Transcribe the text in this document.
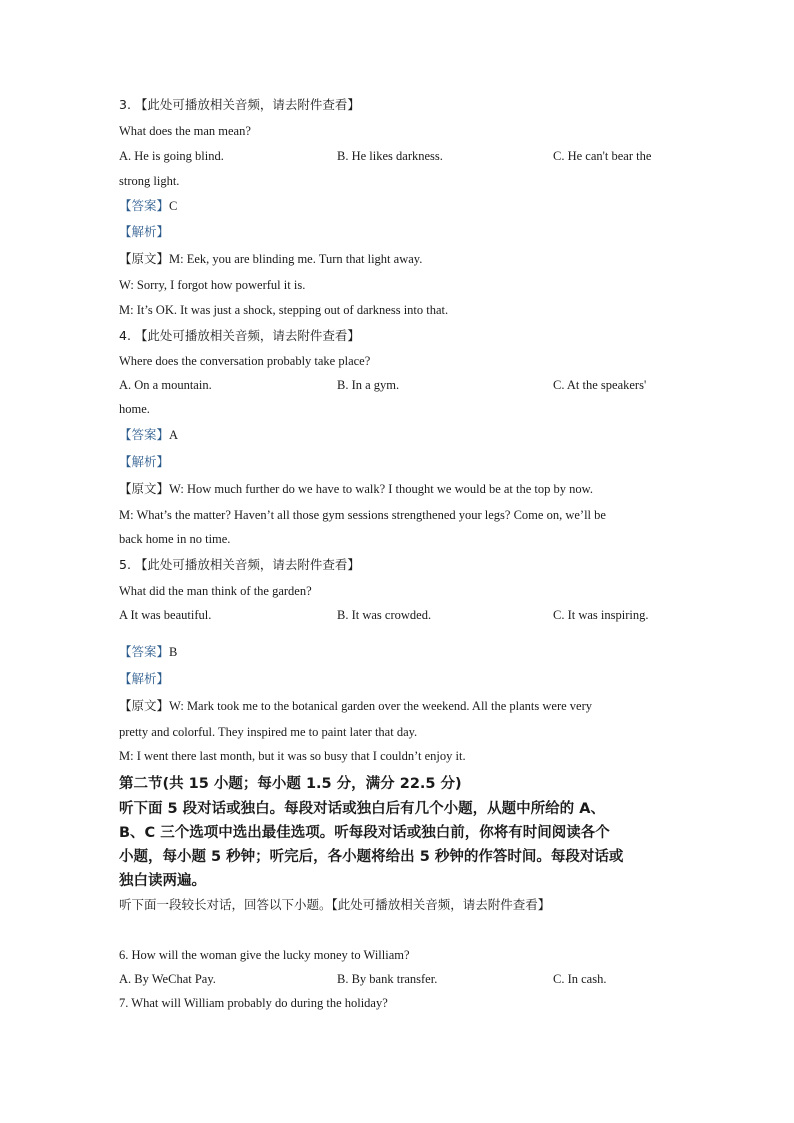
3. 【此处可播放相关音频，请去附件查看】
What does the man mean?
A. He is going blind.	B. He likes darkness.	C. He can't bear the
strong light.
【答案】C
【解析】
【原文】M: Eek, you are blinding me. Turn that light away.
W: Sorry, I forgot how powerful it is.
M: It’s OK. It was just a shock, stepping out of darkness into that.
4. 【此处可播放相关音频，请去附件查看】
Where does the conversation probably take place?
A. On a mountain.	B. In a gym.	C. At the speakers'
home.
【答案】A
【解析】
【原文】W: How much further do we have to walk? I thought we would be at the top by now.
M: What’s the matter? Haven’t all those gym sessions strengthened your legs? Come on, we’ll be
back home in no time.
5. 【此处可播放相关音频，请去附件查看】
What did the man think of the garden?
A It was beautiful.	B. It was crowded.	C. It was inspiring.
【答案】B
【解析】
【原文】W: Mark took me to the botanical garden over the weekend. All the plants were very
pretty and colorful. They inspired me to paint later that day.
M: I went there last month, but it was so busy that I couldn’t enjoy it.
第二节(共 15 小题；每小题 1.5 分，满分 22.5 分)
听下面 5 段对话或独白。每段对话或独白后有几个小题，从题中所给的 A、
B、C 三个选项中选出最佳选项。听每段对话或独白前，你将有时间阅读各个
小题，每小题 5 秒钟；听完后，各小题将给出 5 秒钟的作答时间。每段对话或
独白读两遍。
听下面一段较长对话，回答以下小题。【此处可播放相关音频，请去附件查看】
6. How will the woman give the lucky money to William?
A. By WeChat Pay.	B. By bank transfer.	C. In cash.
7. What will William probably do during the holiday?
